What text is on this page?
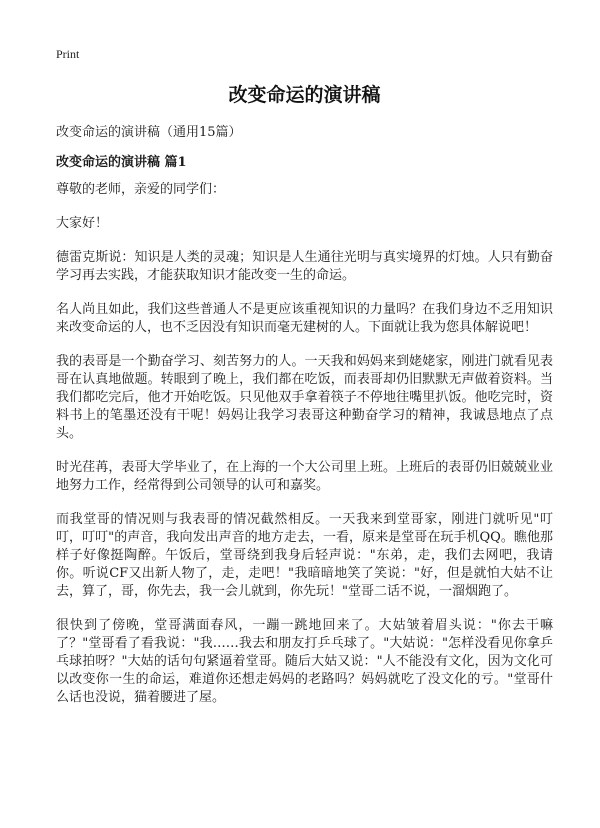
Print
改变命运的演讲稿

改变命运的演讲稿（通用15篇）

改变命运的演讲稿 篇1

尊敬的老师，亲爱的同学们：

大家好！

德雷克斯说：知识是人类的灵魂；知识是人生通往光明与真实境界的灯烛。人只有勤奋学习再去实践，才能获取知识才能改变一生的命运。

名人尚且如此，我们这些普通人不是更应该重视知识的力量吗？在我们身边不乏用知识来改变命运的人，也不乏因没有知识而毫无建树的人。下面就让我为您具体解说吧！

我的表哥是一个勤奋学习、刻苦努力的人。一天我和妈妈来到姥姥家，刚进门就看见表哥在认真地做题。转眼到了晚上，我们都在吃饭，而表哥却仍旧默默无声做着资料。当我们都吃完后，他才开始吃饭。只见他双手拿着筷子不停地往嘴里扒饭。他吃完时，资料书上的笔墨还没有干呢！妈妈让我学习表哥这种勤奋学习的精神，我诚恳地点了点头。

时光荏苒，表哥大学毕业了，在上海的一个大公司里上班。上班后的表哥仍旧兢兢业业地努力工作，经常得到公司领导的认可和嘉奖。

而我堂哥的情况则与我表哥的情况截然相反。一天我来到堂哥家，刚进门就听见"叮叮，叮叮"的声音，我向发出声音的地方走去，一看，原来是堂哥在玩手机QQ。瞧他那样子好像挺陶醉。午饭后，堂哥绕到我身后轻声说："东弟，走，我们去网吧，我请你。听说CF又出新人物了，走，走吧！"我暗暗地笑了笑说："好，但是就怕大姑不让去，算了，哥，你先去，我一会儿就到，你先玩！"堂哥二话不说，一溜烟跑了。

很快到了傍晚，堂哥满面春风，一蹦一跳地回来了。大姑皱着眉头说："你去干嘛了？"堂哥看了看我说："我……我去和朋友打乒乓球了。"大姑说："怎样没看见你拿乒乓球拍呀？"大姑的话句句紧逼着堂哥。随后大姑又说："人不能没有文化，因为文化可以改变你一生的命运，难道你还想走妈妈的老路吗？妈妈就吃了没文化的亏。"堂哥什么话也没说，猫着腰进了屋。
